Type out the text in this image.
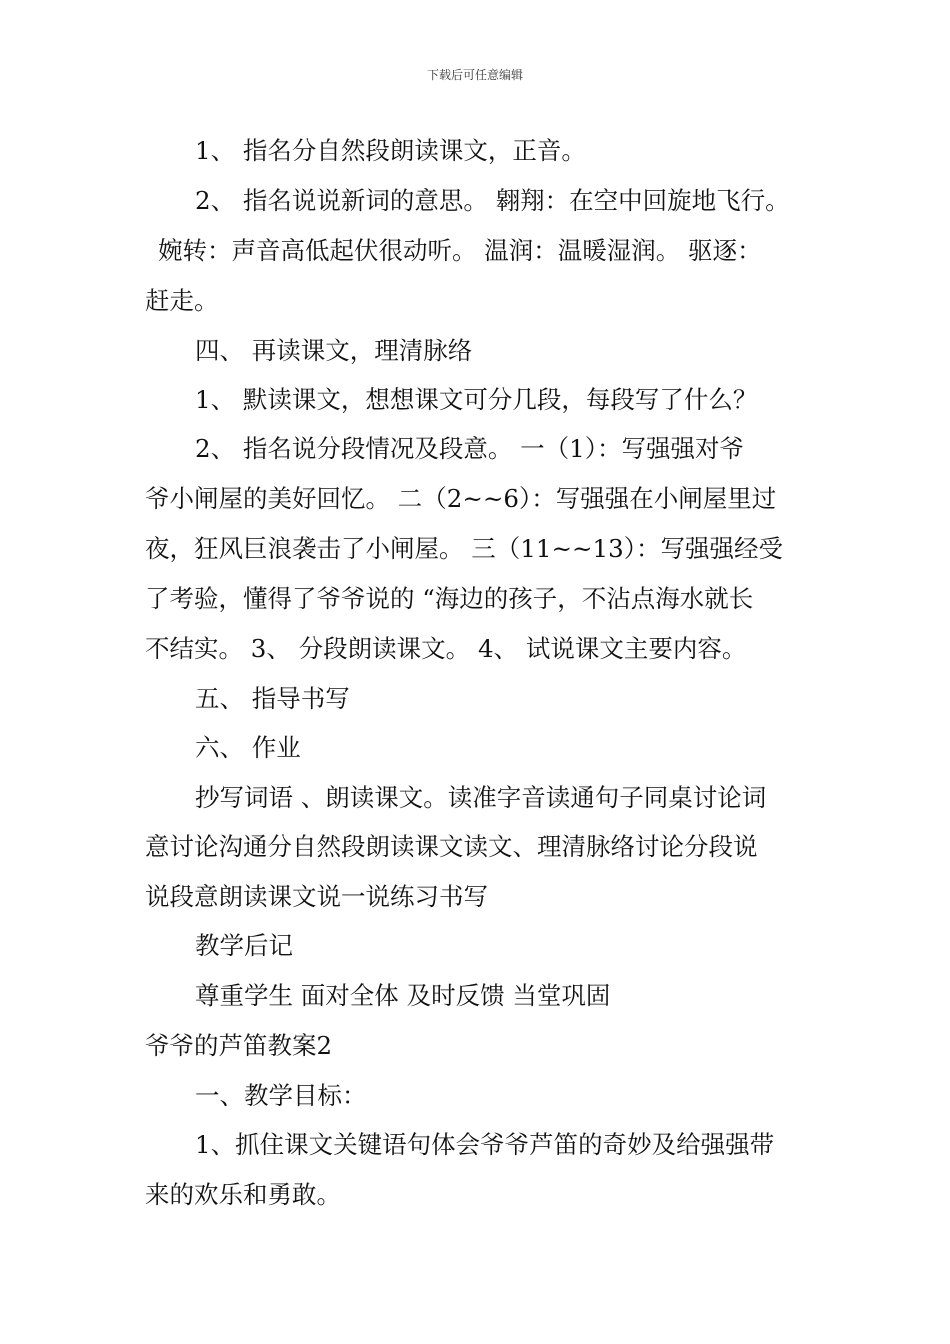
下载后可任意编辑
1、 指名分自然段朗读课文，正音。
2、 指名说说新词的意思。 翱翔：在空中回旋地飞行。
婉转：声音高低起伏很动听。 温润：温暖湿润。 驱逐：
赶走。
四、 再读课文，理清脉络
1、 默读课文，想想课文可分几段，每段写了什么？
2、 指名说分段情况及段意。 一（1）：写强强对爷
爷小闸屋的美好回忆。 二（2~~6）：写强强在小闸屋里过
夜，狂风巨浪袭击了小闸屋。 三（11~~13）：写强强经受
了考验，懂得了爷爷说的 “海边的孩子，不沾点海水就长
不结实。 3、 分段朗读课文。 4、 试说课文主要内容。
五、 指导书写
六、 作业
抄写词语 、朗读课文。读准字音读通句子同桌讨论词
意讨论沟通分自然段朗读课文读文、理清脉络讨论分段说
说段意朗读课文说一说练习书写
教学后记
尊重学生 面对全体 及时反馈 当堂巩固
爷爷的芦笛教案2
一、教学目标：
1、抓住课文关键语句体会爷爷芦笛的奇妙及给强强带
来的欢乐和勇敢。
